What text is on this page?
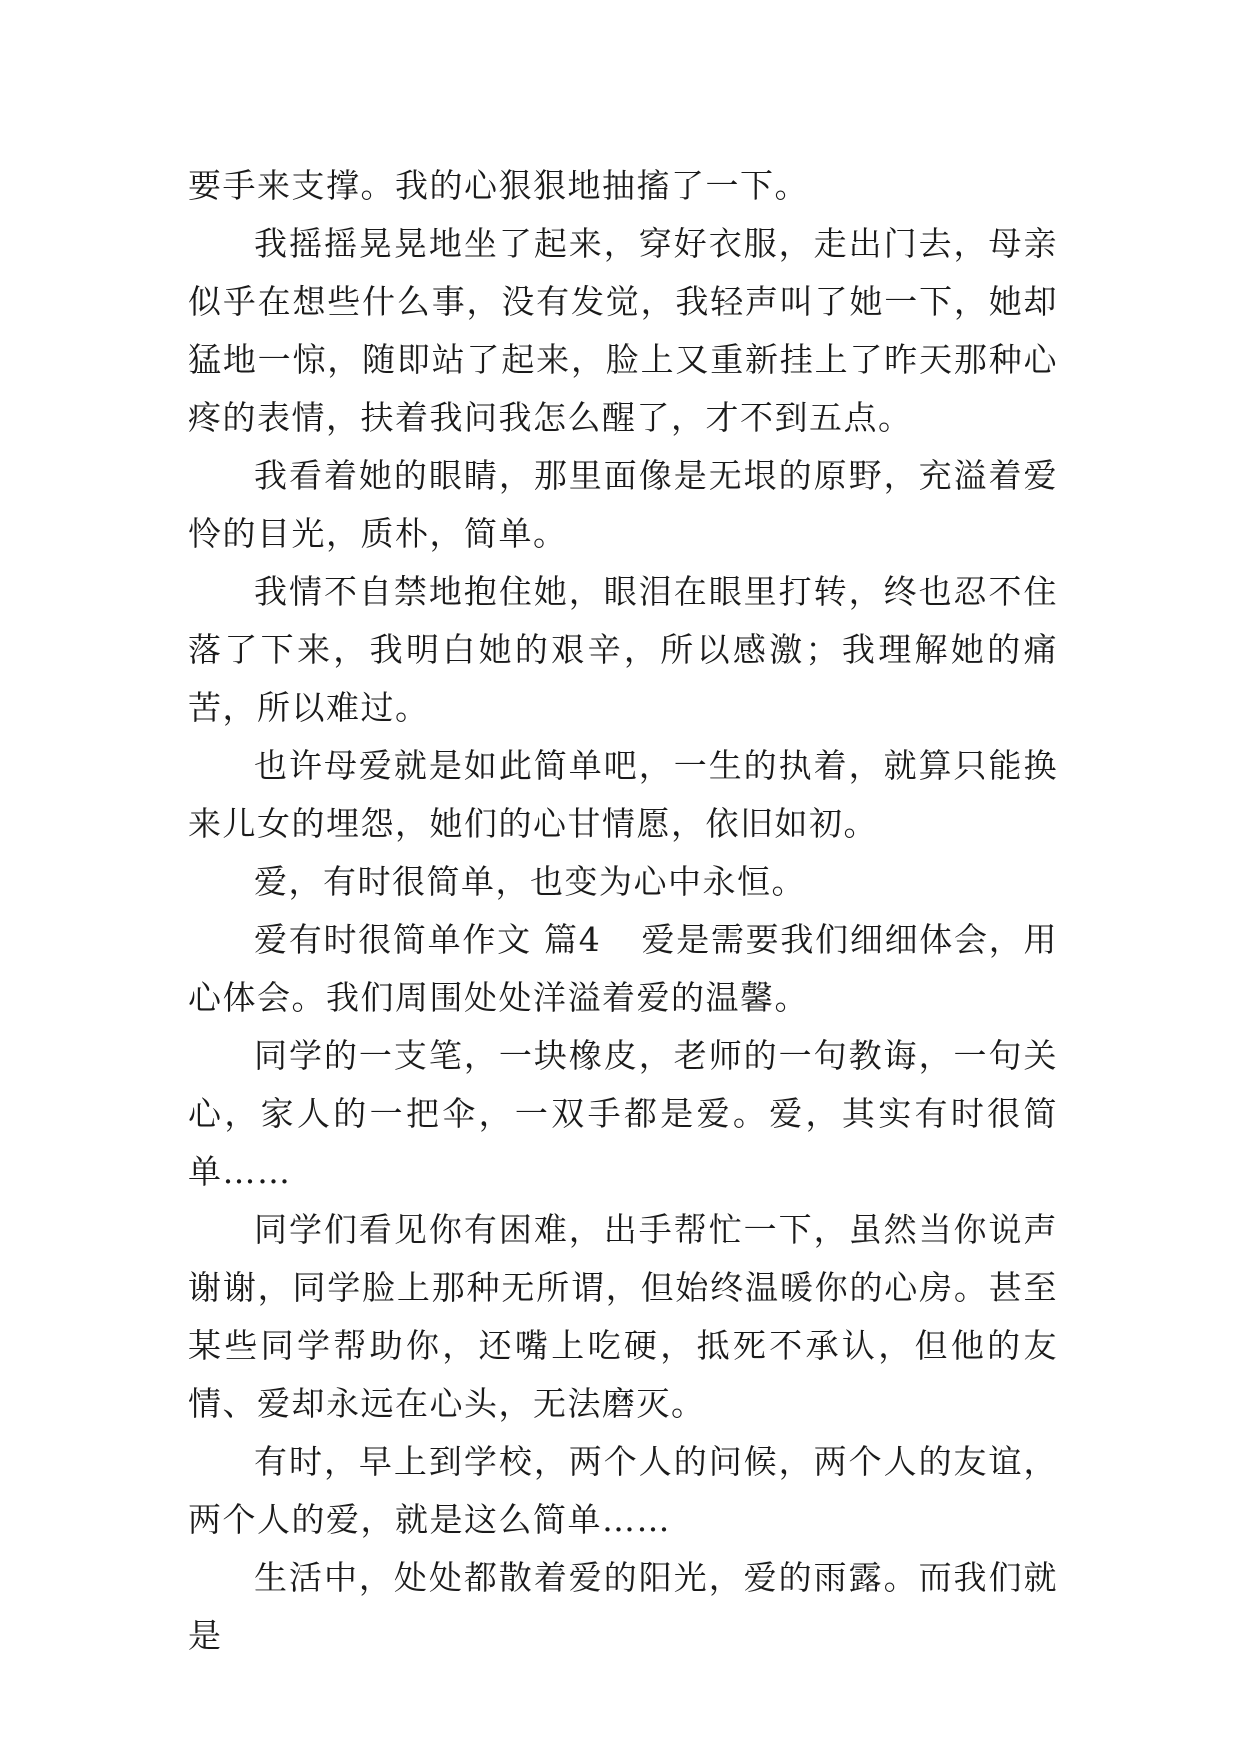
要手来支撑。我的心狠狠地抽搐了一下。

我摇摇晃晃地坐了起来，穿好衣服，走出门去，母亲似乎在想些什么事，没有发觉，我轻声叫了她一下，她却猛地一惊，随即站了起来，脸上又重新挂上了昨天那种心疼的表情，扶着我问我怎么醒了，才不到五点。

我看着她的眼睛，那里面像是无垠的原野，充溢着爱怜的目光，质朴，简单。

我情不自禁地抱住她，眼泪在眼里打转，终也忍不住落了下来，我明白她的艰辛，所以感激；我理解她的痛苦，所以难过。

也许母爱就是如此简单吧，一生的执着，就算只能换来儿女的埋怨，她们的心甘情愿，依旧如初。

爱，有时很简单，也变为心中永恒。

爱有时很简单作文 篇4 爱是需要我们细细体会，用心体会。我们周围处处洋溢着爱的温馨。

同学的一支笔，一块橡皮，老师的一句教诲，一句关心，家人的一把伞，一双手都是爱。爱，其实有时很简单……

同学们看见你有困难，出手帮忙一下，虽然当你说声谢谢，同学脸上那种无所谓，但始终温暖你的心房。甚至某些同学帮助你，还嘴上吃硬，抵死不承认，但他的友情、爱却永远在心头，无法磨灭。

有时，早上到学校，两个人的问候，两个人的友谊，两个人的爱，就是这么简单……

生活中，处处都散着爱的阳光，爱的雨露。而我们就是
